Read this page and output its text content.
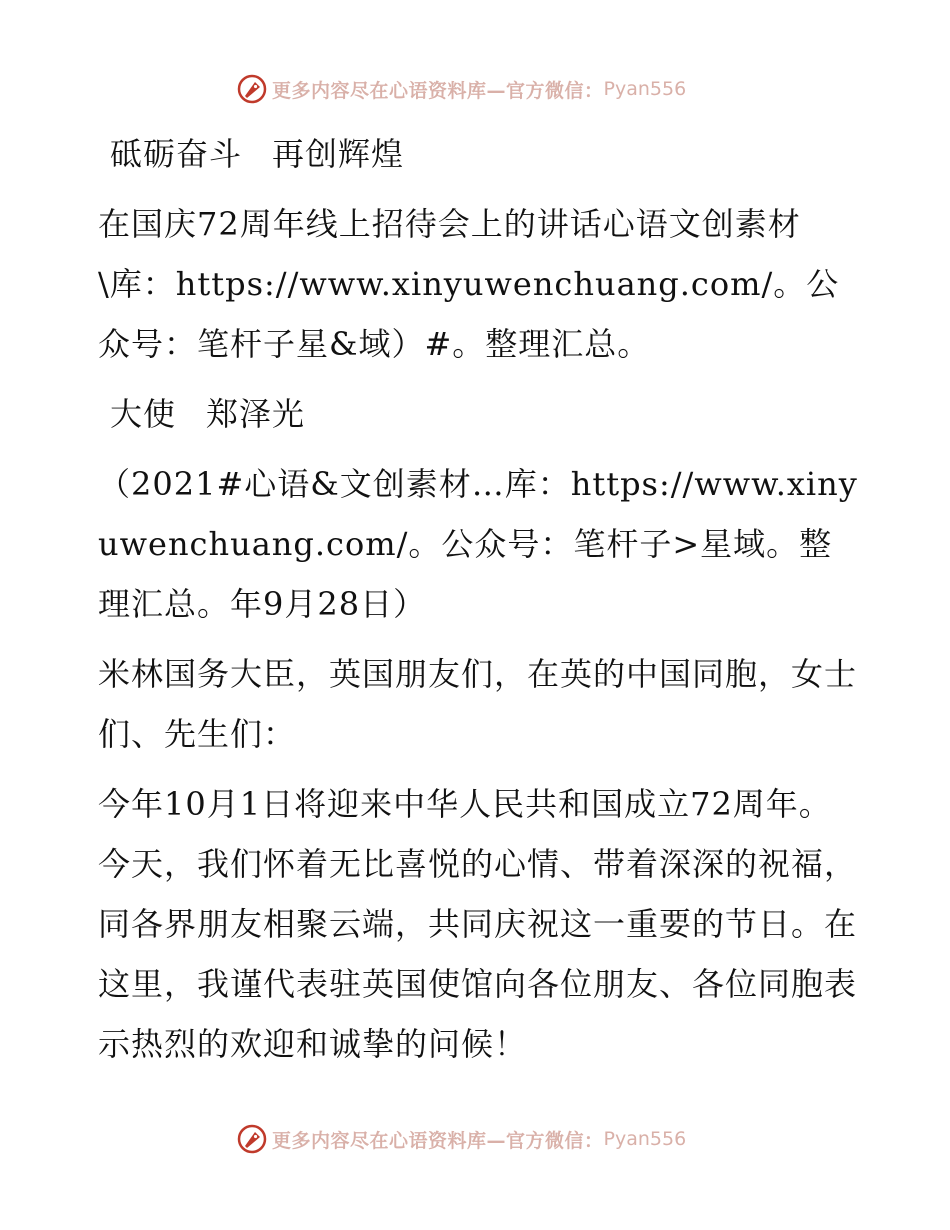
更多内容尽在心语资料库—官方微信： Pyan556

砥砺奋斗 再创辉煌

在国庆72周年线上招待会上的讲话心语文创素材\库：https://www.xinyuwenchuang.com/。公众号：笔杆子星&域）#。整理汇总。

大使 郑泽光

（2021#心语&文创素材…库：https://www.xinyuwenchuang.com/。公众号：笔杆子>星域。整理汇总。年9月28日）

米林国务大臣，英国朋友们，在英的中国同胞，女士们、先生们：

今年10月1日将迎来中华人民共和国成立72周年。今天，我们怀着无比喜悦的心情、带着深深的祝福，同各界朋友相聚云端，共同庆祝这一重要的节日。在这里，我谨代表驻英国使馆向各位朋友、各位同胞表示热烈的欢迎和诚挚的问候！

更多内容尽在心语资料库—官方微信： Pyan556
